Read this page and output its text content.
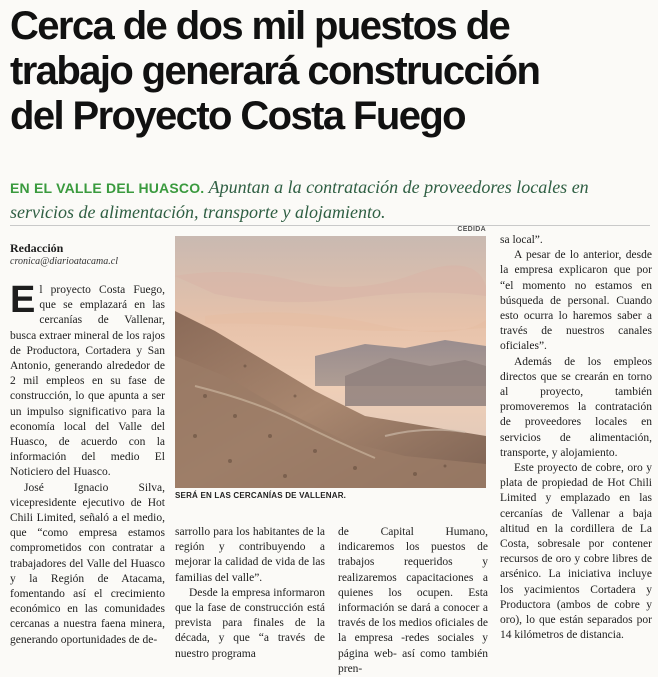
Cerca de dos mil puestos de
trabajo generará construcción
del Proyecto Costa Fuego
EN EL VALLE DEL HUASCO. Apuntan a la contratación de proveedores locales en servicios de alimentación, transporte y alojamiento.
CEDIDA
Redacción
cronica@diarioatacama.cl
SERÁ EN LAS CERCANÍAS DE VALLENAR.

El proyecto Costa Fuego, que se emplazará en las cercanías de Vallenar, busca extraer mineral de los rajos de Productora, Cortadera y San Antonio, generando alrededor de 2 mil empleos en su fase de construcción, lo que apunta a ser un impulso significativo para la economía local del Valle del Huasco, de acuerdo con la información del medio El Noticiero del Huasco.

José Ignacio Silva, vicepresidente ejecutivo de Hot Chili Limited, señaló a el medio, que “como empresa estamos comprometidos con contratar a trabajadores del Valle del Huasco y la Región de Atacama, fomentando así el crecimiento económico en las comunidades cercanas a nuestra faena minera, generando oportunidades de de-

sarrollo para los habitantes de la región y contribuyendo a mejorar la calidad de vida de las familias del valle”.

Desde la empresa informaron que la fase de construcción está prevista para finales de la década, y que “a través de nuestro programa

de Capital Humano, indicaremos los puestos de trabajos requeridos y realizaremos capacitaciones a quienes los ocupen. Esta información se dará a conocer a través de los medios oficiales de la empresa -redes sociales y página web- así como también pren-

sa local”.

A pesar de lo anterior, desde la empresa explicaron que por “el momento no estamos en búsqueda de personal. Cuando esto ocurra lo haremos saber a través de nuestros canales oficiales”.

Además de los empleos directos que se crearán en torno al proyecto, también promoveremos la contratación de proveedores locales en servicios de alimentación, transporte, y alojamiento.

Este proyecto de cobre, oro y plata de propiedad de Hot Chili Limited y emplazado en las cercanías de Vallenar a baja altitud en la cordillera de La Costa, sobresale por contener recursos de oro y cobre libres de arsénico. La iniciativa incluye los yacimientos Cortadera y Productora (ambos de cobre y oro), lo que están separados por 14 kilómetros de distancia.
